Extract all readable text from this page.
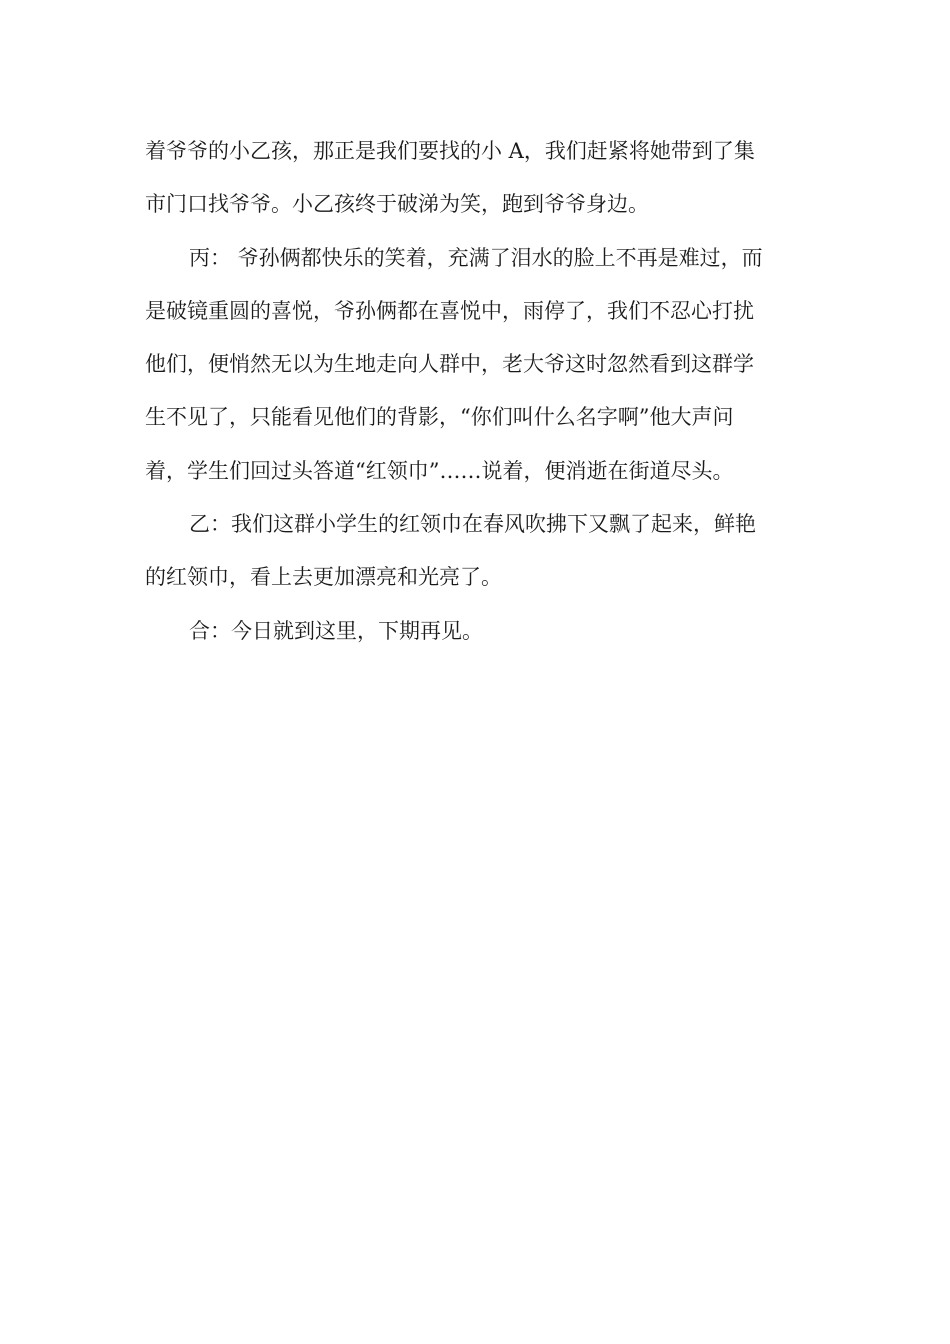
着爷爷的小乙孩，那正是我们要找的小 A，我们赶紧将她带到了集
市门口找爷爷。小乙孩终于破涕为笑，跑到爷爷身边。
丙： 爷孙俩都快乐的笑着，充满了泪水的脸上不再是难过，而
是破镜重圆的喜悦，爷孙俩都在喜悦中，雨停了，我们不忍心打扰
他们，便悄然无以为生地走向人群中，老大爷这时忽然看到这群学
生不见了，只能看见他们的背影，“你们叫什么名字啊”他大声问
着，学生们回过头答道“红领巾”……说着，便消逝在街道尽头。
乙：我们这群小学生的红领巾在春风吹拂下又飘了起来，鲜艳
的红领巾，看上去更加漂亮和光亮了。
合：今日就到这里，下期再见。
